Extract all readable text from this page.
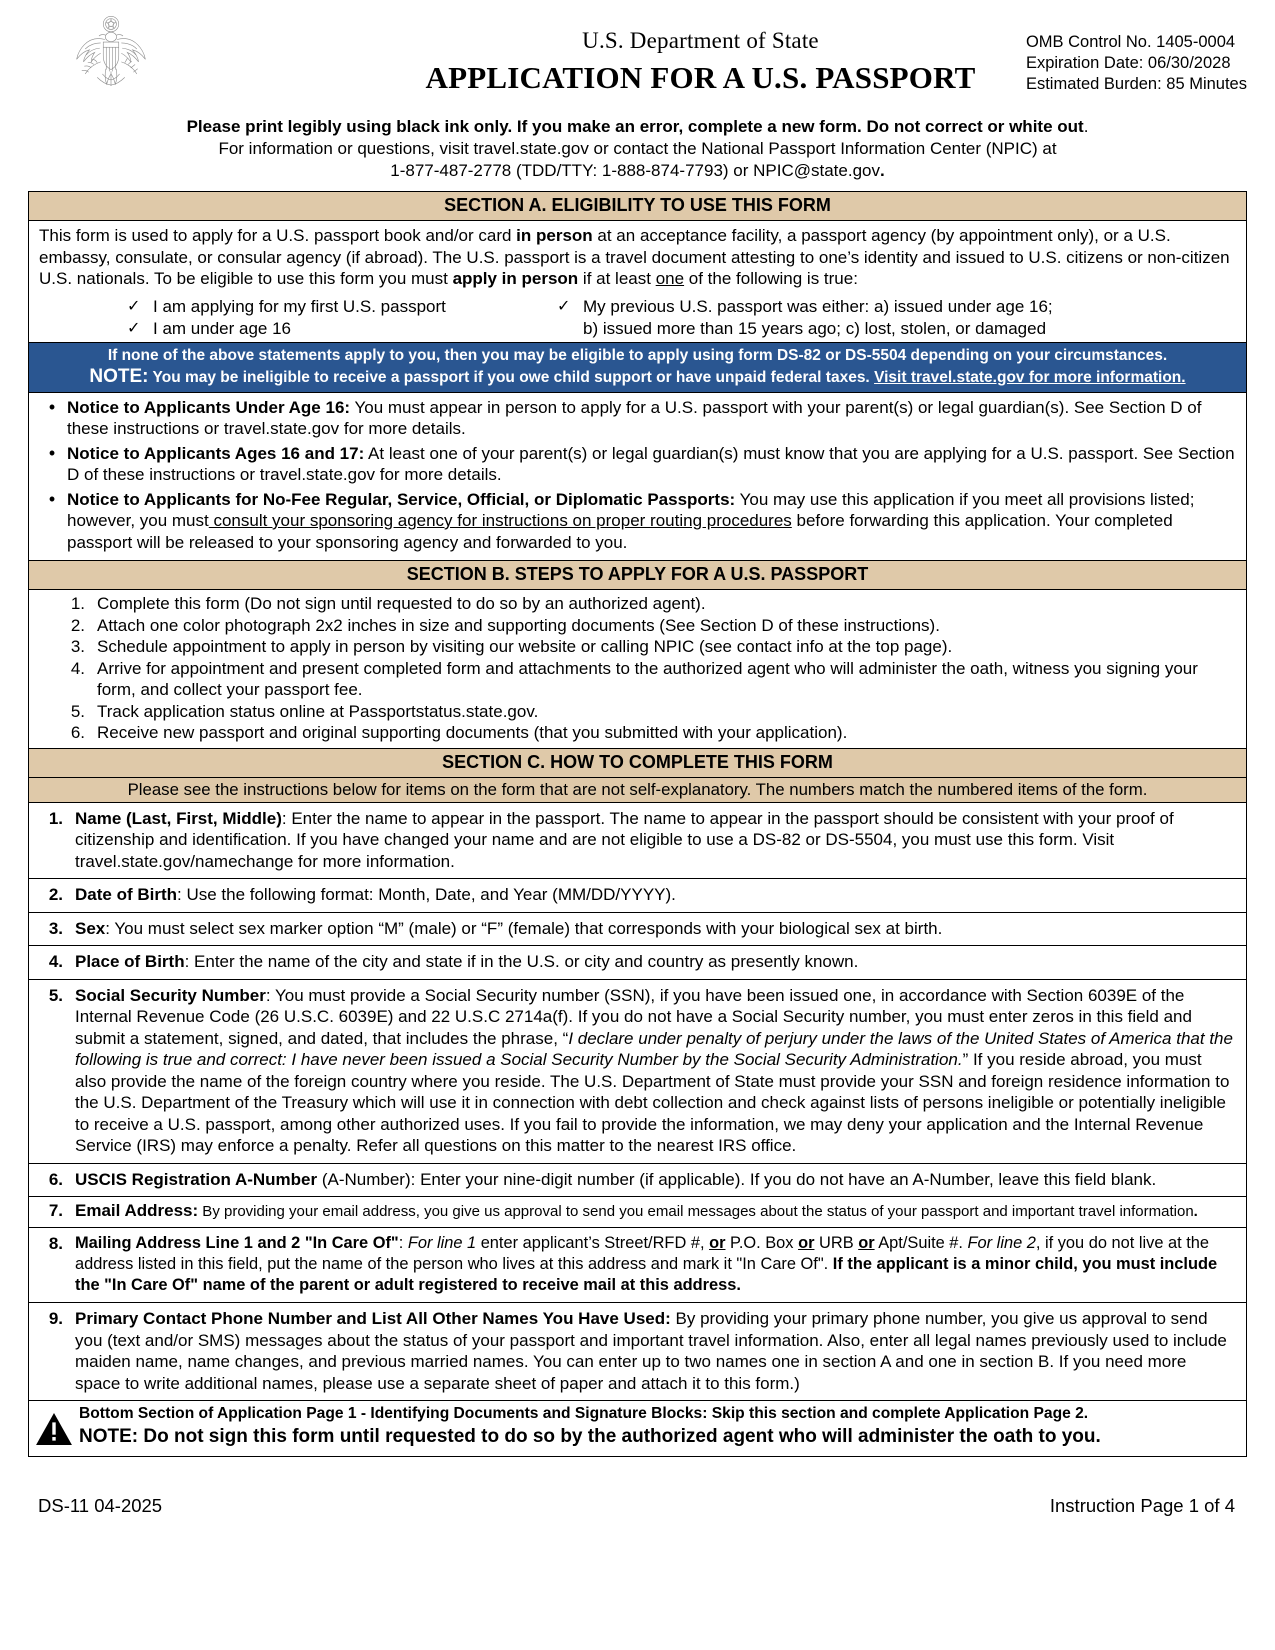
U.S. Department of State
APPLICATION FOR A U.S. PASSPORT
OMB Control No. 1405-0004
Expiration Date: 06/30/2028
Estimated Burden: 85 Minutes
Please print legibly using black ink only. If you make an error, complete a new form. Do not correct or white out.
For information or questions, visit travel.state.gov or contact the National Passport Information Center (NPIC) at
1-877-487-2778 (TDD/TTY: 1-888-874-7793) or NPIC@state.gov.
SECTION A. ELIGIBILITY TO USE THIS FORM

This form is used to apply for a U.S. passport book and/or card in person at an acceptance facility, a passport agency (by appointment only), or a U.S. embassy, consulate, or consular agency (if abroad). The U.S. passport is a travel document attesting to one’s identity and issued to U.S. citizens or non-citizen U.S. nationals. To be eligible to use this form you must apply in person if at least one of the following is true:

✓
✓
I am applying for my first U.S. passport
I am under age 16
✓
My previous U.S. passport was either: a) issued under age 16;
b) issued more than 15 years ago; c) lost, stolen, or damaged
If none of the above statements apply to you, then you may be eligible to apply using form DS-82 or DS-5504 depending on your circumstances.
NOTE: You may be ineligible to receive a passport if you owe child support or have unpaid federal taxes. Visit travel.state.gov for more information.
• Notice to Applicants Under Age 16: You must appear in person to apply for a U.S. passport with your parent(s) or legal guardian(s). See Section D of these instructions or travel.state.gov for more details.
• Notice to Applicants Ages 16 and 17: At least one of your parent(s) or legal guardian(s) must know that you are applying for a U.S. passport. See Section D of these instructions or travel.state.gov for more details.
• Notice to Applicants for No-Fee Regular, Service, Official, or Diplomatic Passports: You may use this application if you meet all provisions listed; however, you must consult your sponsoring agency for instructions on proper routing procedures before forwarding this application. Your completed passport will be released to your sponsoring agency and forwarded to you.
SECTION B. STEPS TO APPLY FOR A U.S. PASSPORT
1. Complete this form (Do not sign until requested to do so by an authorized agent).
2. Attach one color photograph 2x2 inches in size and supporting documents (See Section D of these instructions).
3. Schedule appointment to apply in person by visiting our website or calling NPIC (see contact info at the top page).
4. Arrive for appointment and present completed form and attachments to the authorized agent who will administer the oath, witness you signing your form, and collect your passport fee.
5. Track application status online at Passportstatus.state.gov.
6. Receive new passport and original supporting documents (that you submitted with your application).
SECTION C. HOW TO COMPLETE THIS FORM
Please see the instructions below for items on the form that are not self-explanatory. The numbers match the numbered items of the form.
1. Name (Last, First, Middle): Enter the name to appear in the passport. The name to appear in the passport should be consistent with your proof of citizenship and identification. If you have changed your name and are not eligible to use a DS-82 or DS-5504, you must use this form. Visit travel.state.gov/namechange for more information.
2. Date of Birth: Use the following format: Month, Date, and Year (MM/DD/YYYY).
3. Sex: You must select sex marker option “M” (male) or “F” (female) that corresponds with your biological sex at birth.
4. Place of Birth: Enter the name of the city and state if in the U.S. or city and country as presently known.
5. Social Security Number: You must provide a Social Security number (SSN), if you have been issued one, in accordance with Section 6039E of the Internal Revenue Code (26 U.S.C. 6039E) and 22 U.S.C 2714a(f). If you do not have a Social Security number, you must enter zeros in this field and submit a statement, signed, and dated, that includes the phrase, “I declare under penalty of perjury under the laws of the United States of America that the following is true and correct: I have never been issued a Social Security Number by the Social Security Administration.” If you reside abroad, you must also provide the name of the foreign country where you reside. The U.S. Department of State must provide your SSN and foreign residence information to the U.S. Department of the Treasury which will use it in connection with debt collection and check against lists of persons ineligible or potentially ineligible to receive a U.S. passport, among other authorized uses. If you fail to provide the information, we may deny your application and the Internal Revenue Service (IRS) may enforce a penalty. Refer all questions on this matter to the nearest IRS office.
6. USCIS Registration A-Number (A-Number): Enter your nine-digit number (if applicable). If you do not have an A-Number, leave this field blank.
7. Email Address: By providing your email address, you give us approval to send you email messages about the status of your passport and important travel information.
8. Mailing Address Line 1 and 2 "In Care Of": For line 1 enter applicant’s Street/RFD #, or P.O. Box or URB or Apt/Suite #. For line 2, if you do not live at the address listed in this field, put the name of the person who lives at this address and mark it "In Care Of". If the applicant is a minor child, you must include the "In Care Of" name of the parent or adult registered to receive mail at this address.
9. Primary Contact Phone Number and List All Other Names You Have Used: By providing your primary phone number, you give us approval to send you (text and/or SMS) messages about the status of your passport and important travel information. Also, enter all legal names previously used to include maiden name, name changes, and previous married names. You can enter up to two names one in section A and one in section B. If you need more space to write additional names, please use a separate sheet of paper and attach it to this form.)
Bottom Section of Application Page 1 - Identifying Documents and Signature Blocks: Skip this section and complete Application Page 2.
NOTE: Do not sign this form until requested to do so by the authorized agent who will administer the oath to you.
DS-11 04-2025	Instruction Page 1 of 4
